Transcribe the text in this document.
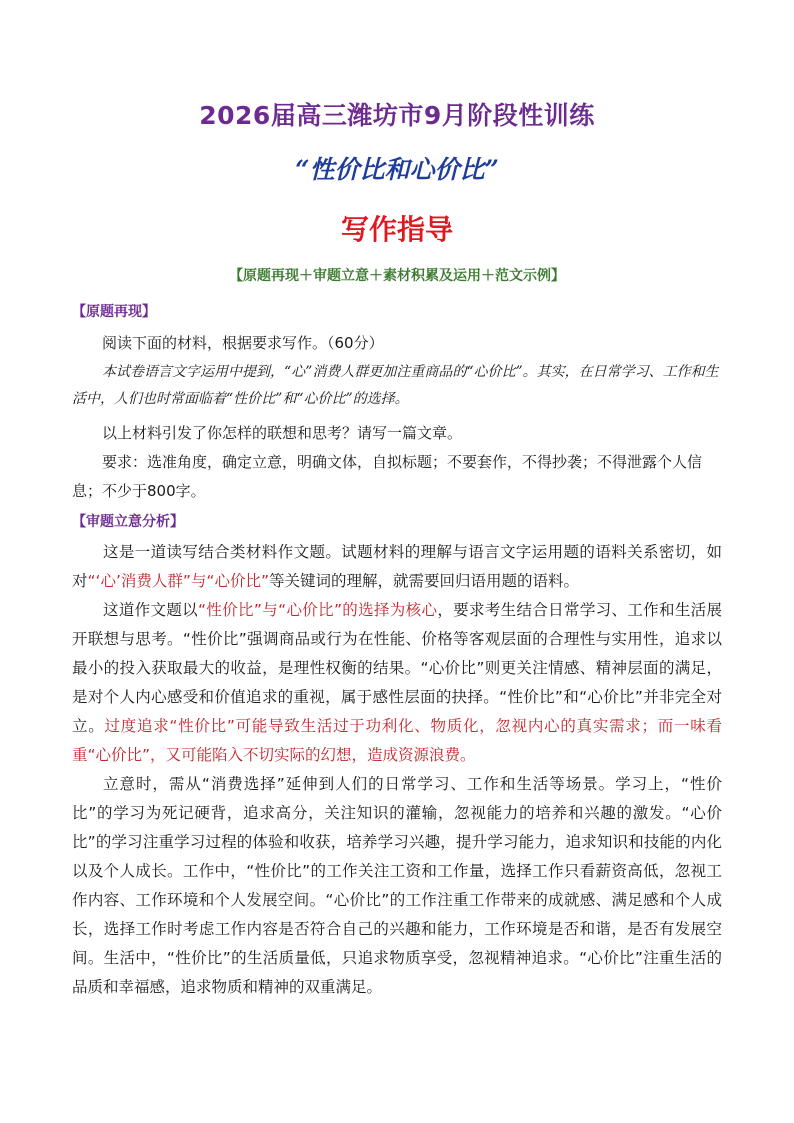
2026届高三潍坊市9月阶段性训练
“性价比和心价比”
写作指导
【原题再现＋审题立意＋素材积累及运用＋范文示例】
【原题再现】
阅读下面的材料，根据要求写作。（60分）
本试卷语言文字运用中提到，“心”消费人群更加注重商品的“心价比”。其实，在日常学习、工作和生活中，人们也时常面临着“性价比”和“心价比”的选择。
以上材料引发了你怎样的联想和思考？请写一篇文章。
要求：选准角度，确定立意，明确文体，自拟标题；不要套作，不得抄袭；不得泄露个人信息；不少于800字。
【审题立意分析】
这是一道读写结合类材料作文题。试题材料的理解与语言文字运用题的语料关系密切，如对“‘心’消费人群”与“心价比”等关键词的理解，就需要回归语用题的语料。
这道作文题以“性价比”与“心价比”的选择为核心，要求考生结合日常学习、工作和生活展开联想与思考。“性价比”强调商品或行为在性能、价格等客观层面的合理性与实用性，追求以最小的投入获取最大的收益，是理性权衡的结果。“心价比”则更关注情感、精神层面的满足，是对个人内心感受和价值追求的重视，属于感性层面的抉择。“性价比”和“心价比”并非完全对立。过度追求“性价比”可能导致生活过于功利化、物质化，忽视内心的真实需求；而一味看重“心价比”，又可能陷入不切实际的幻想，造成资源浪费。
立意时，需从“消费选择”延伸到人们的日常学习、工作和生活等场景。学习上，“性价比”的学习为死记硬背，追求高分，关注知识的灌输，忽视能力的培养和兴趣的激发。“心价比”的学习注重学习过程的体验和收获，培养学习兴趣，提升学习能力，追求知识和技能的内化以及个人成长。工作中，“性价比”的工作关注工资和工作量，选择工作只看薪资高低，忽视工作内容、工作环境和个人发展空间。“心价比”的工作注重工作带来的成就感、满足感和个人成长，选择工作时考虑工作内容是否符合自己的兴趣和能力，工作环境是否和谐，是否有发展空间。生活中，“性价比”的生活质量低，只追求物质享受，忽视精神追求。“心价比”注重生活的品质和幸福感，追求物质和精神的双重满足。
